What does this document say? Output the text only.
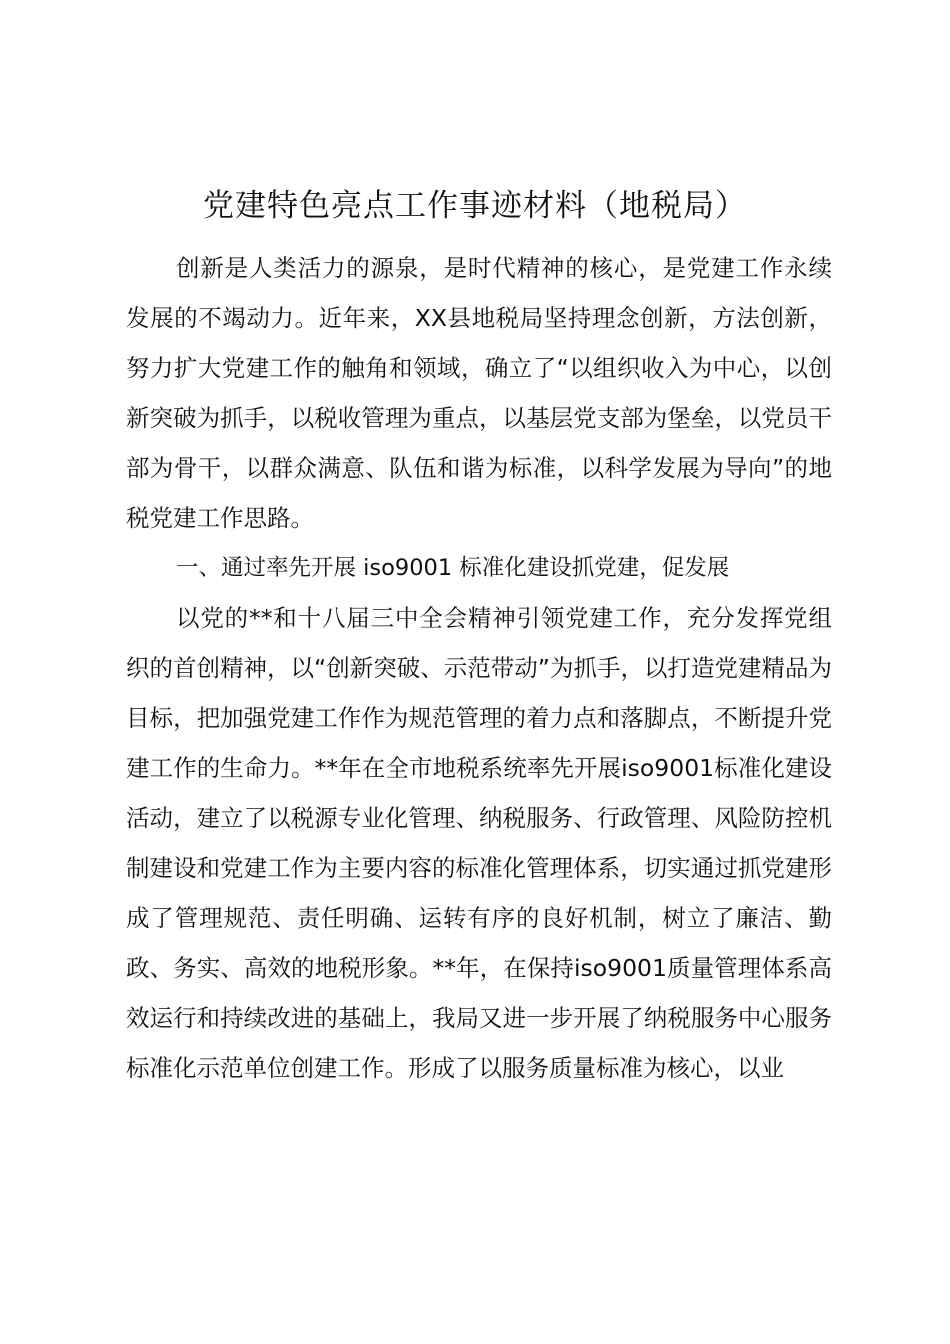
党建特色亮点工作事迹材料（地税局）

创新是人类活力的源泉，是时代精神的核心，是党建工作永续发展的不竭动力。近年来，XX县地税局坚持理念创新，方法创新，努力扩大党建工作的触角和领域，确立了“以组织收入为中心，以创新突破为抓手，以税收管理为重点，以基层党支部为堡垒，以党员干部为骨干，以群众满意、队伍和谐为标准，以科学发展为导向”的地税党建工作思路。

一、通过率先开展 iso9001 标准化建设抓党建，促发展

以党的**和十八届三中全会精神引领党建工作，充分发挥党组织的首创精神，以“创新突破、示范带动”为抓手，以打造党建精品为目标，把加强党建工作作为规范管理的着力点和落脚点，不断提升党建工作的生命力。**年在全市地税系统率先开展iso9001标准化建设活动，建立了以税源专业化管理、纳税服务、行政管理、风险防控机制建设和党建工作为主要内容的标准化管理体系，切实通过抓党建形成了管理规范、责任明确、运转有序的良好机制，树立了廉洁、勤政、务实、高效的地税形象。**年，在保持iso9001质量管理体系高效运行和持续改进的基础上，我局又进一步开展了纳税服务中心服务标准化示范单位创建工作。形成了以服务质量标准为核心，以业
